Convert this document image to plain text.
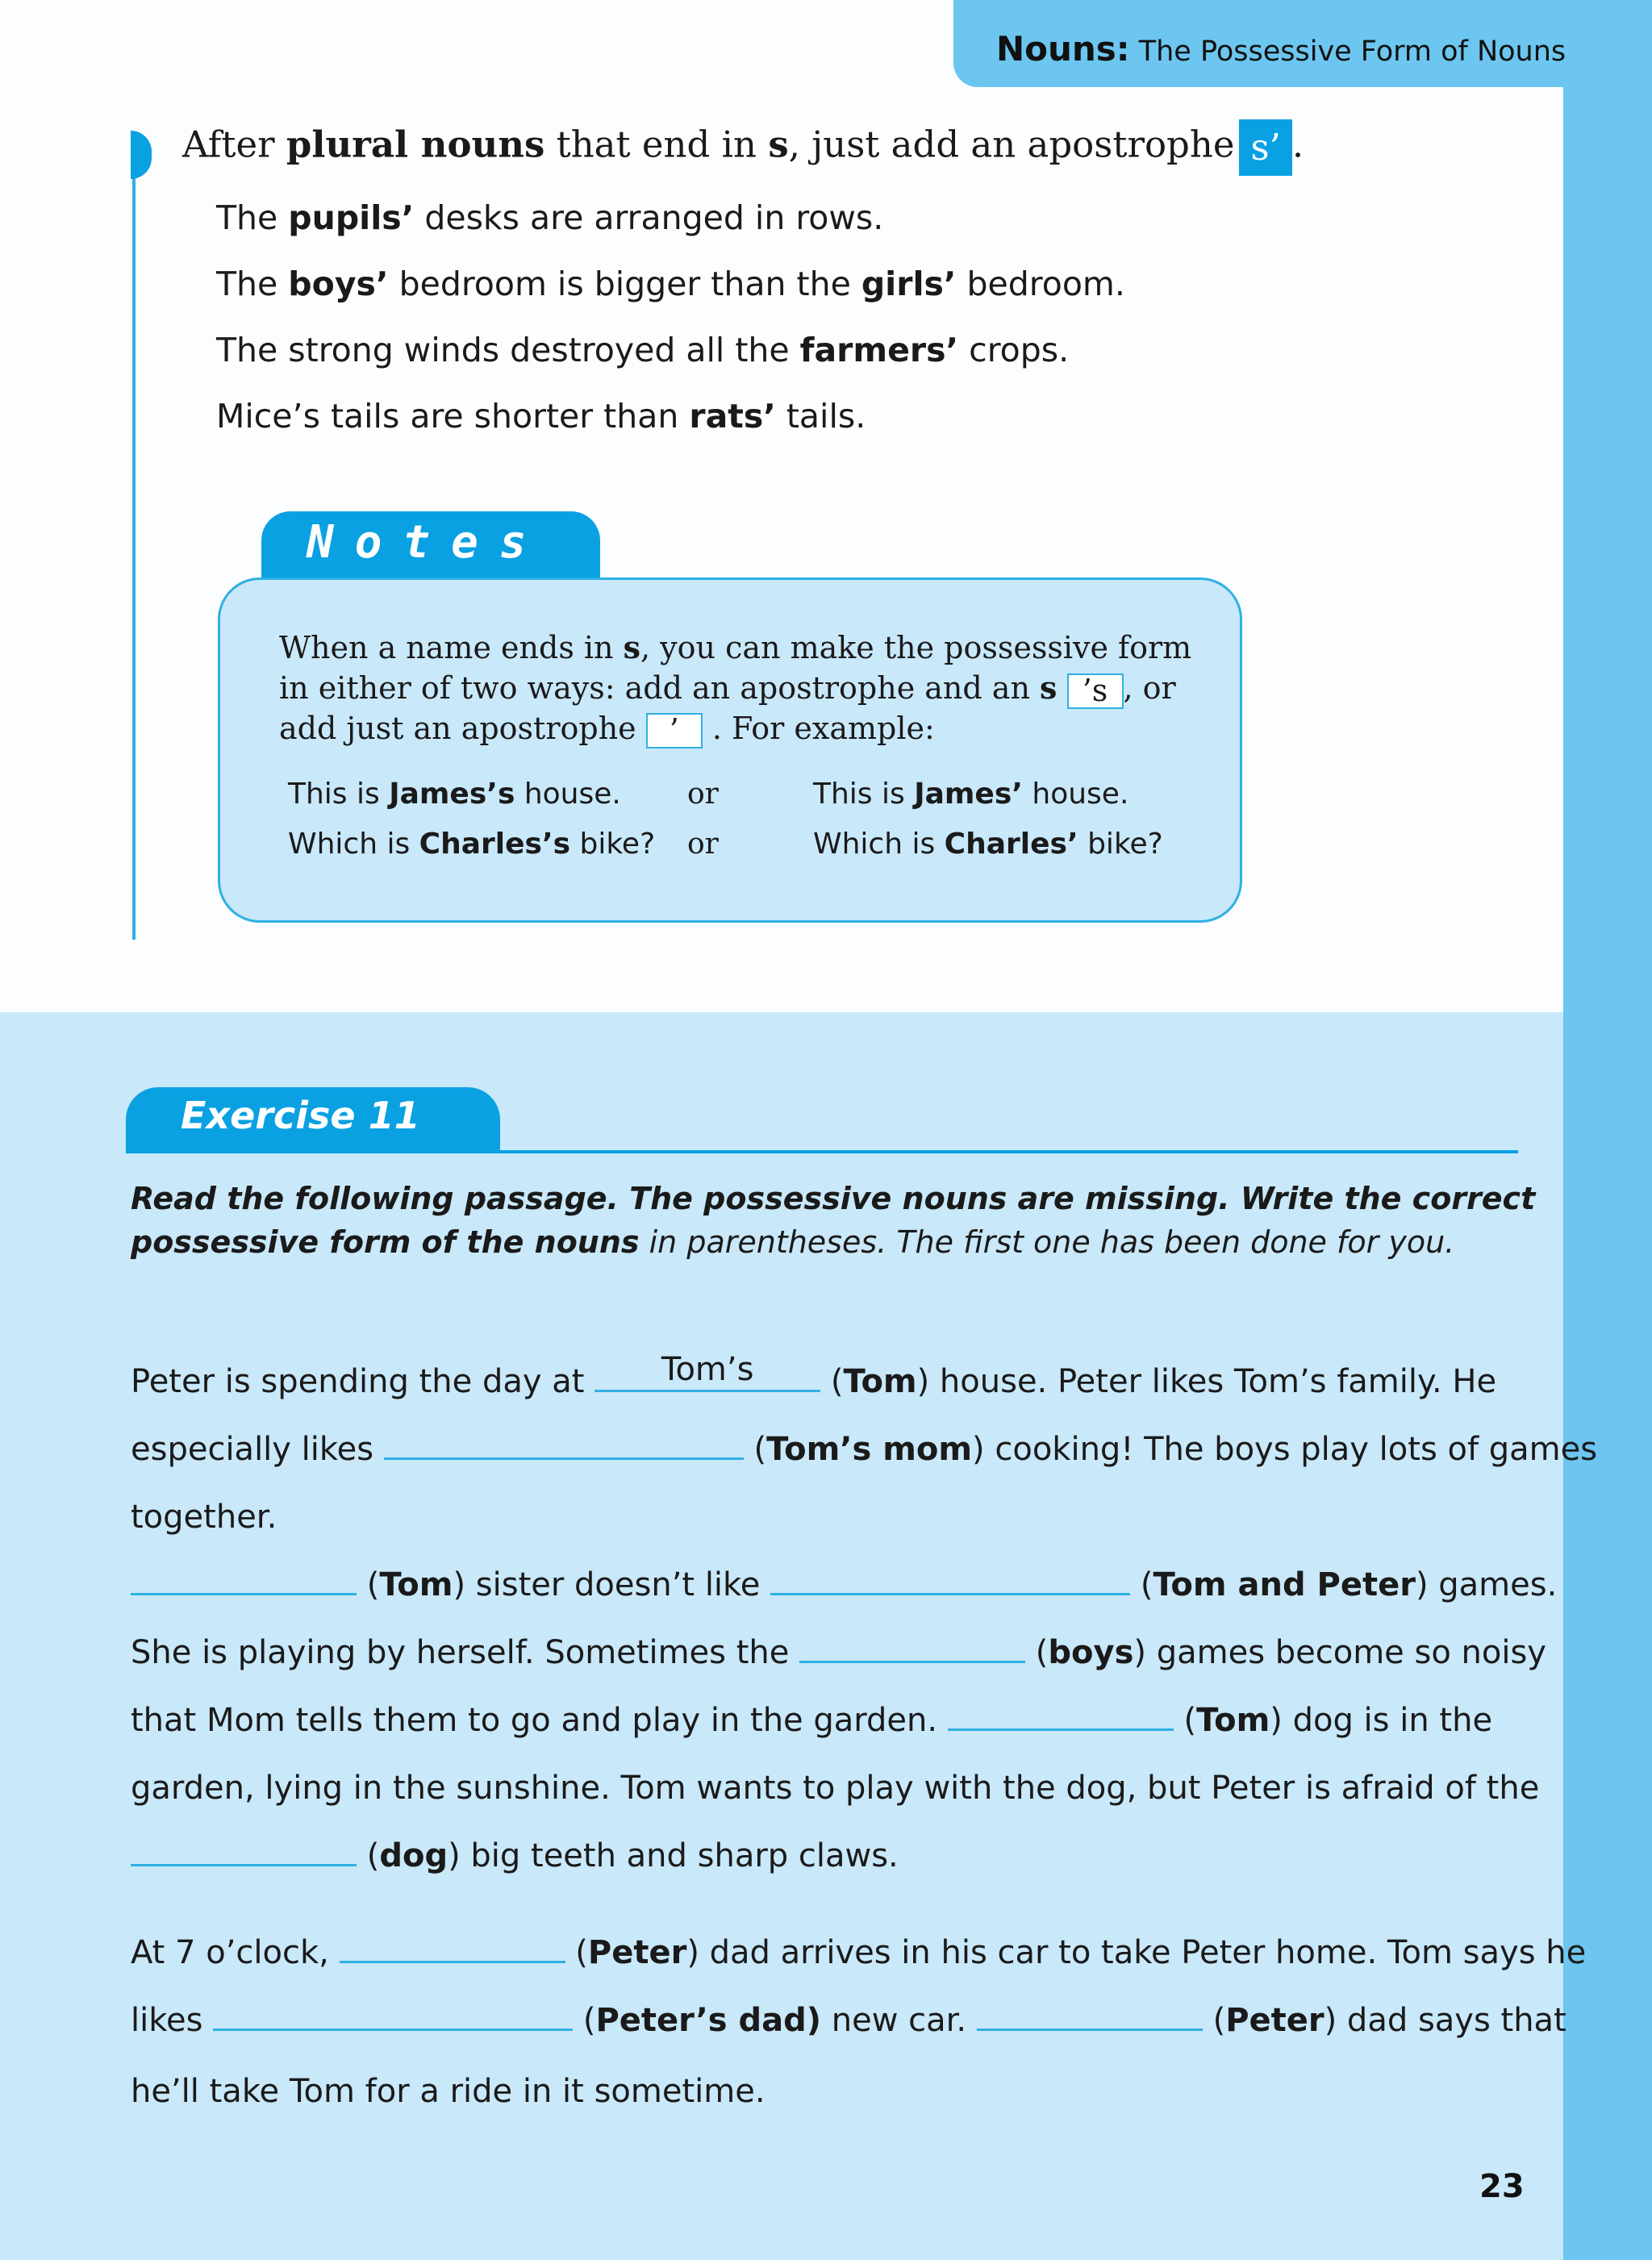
Nouns: The Possessive Form of Nouns
After plural nouns that end in s, just add an apostrophe s’ .
The pupils’ desks are arranged in rows.
The boys’ bedroom is bigger than the girls’ bedroom.
The strong winds destroyed all the farmers’ crops.
Mice’s tails are shorter than rats’ tails.
Notes
When a name ends in s, you can make the possessive form in either of two ways: add an apostrophe and an s ’s , or add just an apostrophe ’ . For example:
This is James’s house. or	This is James’ house.
Which is Charles’s bike? or	Which is Charles’ bike?
Exercise 11
Read the following passage. The possessive nouns are missing. Write the correct
possessive form of the nouns in parentheses. The first one has been done for you.
Peter is spending the day at	Tom’s	(Tom) house. Peter likes Tom’s family. He
especially likes	(Tom’s mom) cooking! The boys play lots of games
together.
(Tom) sister doesn’t like	(Tom and Peter) games.
She is playing by herself. Sometimes the	(boys) games become so noisy
that Mom tells them to go and play in the garden.	(Tom) dog is in the
garden, lying in the sunshine. Tom wants to play with the dog, but Peter is afraid of the
(dog) big teeth and sharp claws.
At 7 o’clock,	(Peter) dad arrives in his car to take Peter home. Tom says he
likes	(Peter’s dad) new car.	(Peter) dad says that
he’ll take Tom for a ride in it sometime.
23
